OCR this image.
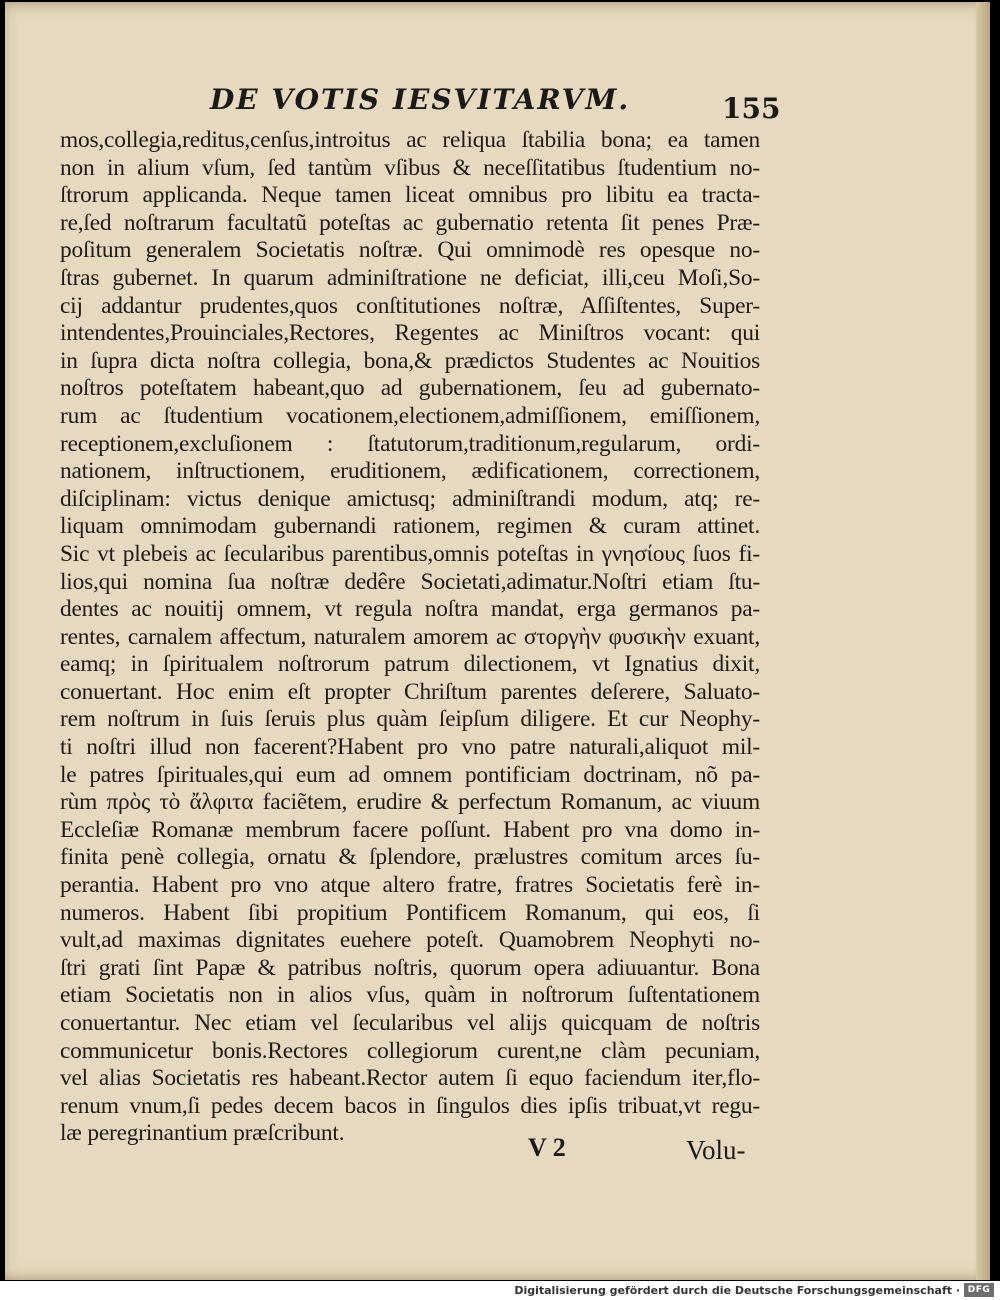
DE VOTIS IESVITARVM.	155
mos,collegia,reditus,cenſus,introitus ac reliqua ſtabilia bona; ea tamen
non in alium vſum, ſed tantùm vſibus & neceſſitatibus ſtudentium no-
ſtrorum applicanda. Neque tamen liceat omnibus pro libitu ea tracta-
re,ſed noſtrarum facultatũ poteſtas ac gubernatio retenta ſit penes Præ-
poſitum generalem Societatis noſtræ. Qui omnimodè res opesque no-
ſtras gubernet. In quarum adminiſtratione ne deficiat, illi,ceu Moſi,So-
cij addantur prudentes,quos conſtitutiones noſtræ, Aſſiſtentes, Super-
intendentes,Prouinciales,Rectores, Regentes ac Miniſtros vocant: qui
in ſupra dicta noſtra collegia, bona,& prædictos Studentes ac Nouitios
noſtros poteſtatem habeant,quo ad gubernationem, ſeu ad gubernato-
rum ac ſtudentium vocationem,electionem,admiſſionem, emiſſionem,
receptionem,excluſionem : ſtatutorum,traditionum,regularum, ordi-
nationem, inſtructionem, eruditionem, ædificationem, correctionem,
diſciplinam: victus denique amictusq; adminiſtrandi modum, atq; re-
liquam omnimodam gubernandi rationem, regimen & curam attinet.
Sic vt plebeis ac ſecularibus parentibus,omnis poteſtas in γνησίους ſuos fi-
lios,qui nomina ſua noſtræ dedêre Societati,adimatur.Noſtri etiam ſtu-
dentes ac nouitij omnem, vt regula noſtra mandat, erga germanos pa-
rentes, carnalem affectum, naturalem amorem ac στοργὴν φυσικὴν exuant,
eamq; in ſpiritualem noſtrorum patrum dilectionem, vt Ignatius dixit,
conuertant. Hoc enim eſt propter Chriſtum parentes deſerere, Saluato-
rem noſtrum in ſuis ſeruis plus quàm ſeipſum diligere. Et cur Neophy-
ti noſtri illud non facerent?Habent pro vno patre naturali,aliquot mil-
le patres ſpirituales,qui eum ad omnem pontificiam doctrinam, nõ pa-
rùm πρὸς τὸ ἄλφιτα faciẽtem, erudire & perfectum Romanum, ac viuum
Eccleſiæ Romanæ membrum facere poſſunt. Habent pro vna domo in-
finita penè collegia, ornatu & ſplendore, prælustres comitum arces ſu-
perantia. Habent pro vno atque altero fratre, fratres Societatis ferè in-
numeros. Habent ſibi propitium Pontificem Romanum, qui eos, ſi
vult,ad maximas dignitates euehere poteſt. Quamobrem Neophyti no-
ſtri grati ſint Papæ & patribus noſtris, quorum opera adiuuantur. Bona
etiam Societatis non in alios vſus, quàm in noſtrorum ſuſtentationem
conuertantur. Nec etiam vel ſecularibus vel alijs quicquam de noſtris
communicetur bonis.Rectores collegiorum curent,ne clàm pecuniam,
vel alias Societatis res habeant.Rector autem ſi equo faciendum iter,flo-
renum vnum,ſi pedes decem bacos in ſingulos dies ipſis tribuat,vt regu-
læ peregrinantium præſcribunt.	V 2	Volu-
Digitalisierung gefördert durch die Deutsche Forschungsgemeinschaft · DFG
